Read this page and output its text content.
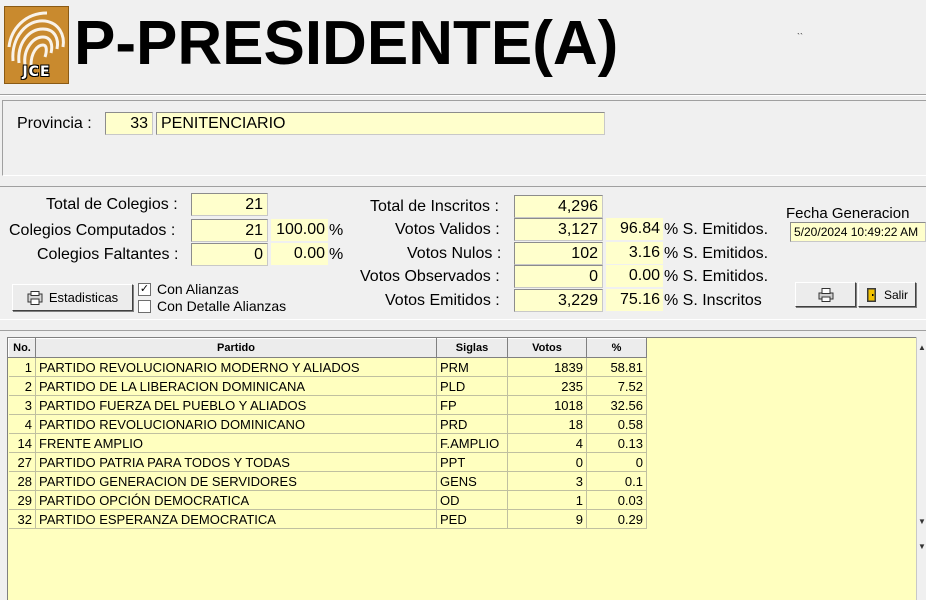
JCE P-PRESIDENTE(A)	``
Provincia :	33 PENITENCIARIO
Total de Colegios :	21
Colegios Computados :	21 100.00 %
Colegios Faltantes :	0	0.00 %
Estadisticas
✓ Con Alianzas
Con Detalle Alianzas
Total de Inscritos :	4,296
Votos Validos :	3,127	96.84 % S. Emitidos.
Votos Nulos :	102	3.16 % S. Emitidos.
Votos Observados :	0	0.00 % S. Emitidos.
Votos Emitidos :	3,229	75.16 % S. Inscritos
Fecha Generacion
5/20/2024 10:49:22 AM
Salir
No.	Partido	Siglas	Votos	%
1	PARTIDO REVOLUCIONARIO MODERNO Y ALIADOS	PRM	1839	58.81
2	PARTIDO DE LA LIBERACION DOMINICANA	PLD	235	7.52
3	PARTIDO FUERZA DEL PUEBLO Y ALIADOS	FP	1018	32.56
4	PARTIDO REVOLUCIONARIO DOMINICANO	PRD	18	0.58
14	FRENTE AMPLIO	F.AMPLIO	4	0.13
27	PARTIDO PATRIA PARA TODOS Y TODAS	PPT	0	0
28	PARTIDO GENERACION DE SERVIDORES	GENS	3	0.1
29	PARTIDO OPCIÓN DEMOCRATICA	OD	1	0.03
32	PARTIDO ESPERANZA DEMOCRATICA	PED	9	0.29
▲
▼
▼
